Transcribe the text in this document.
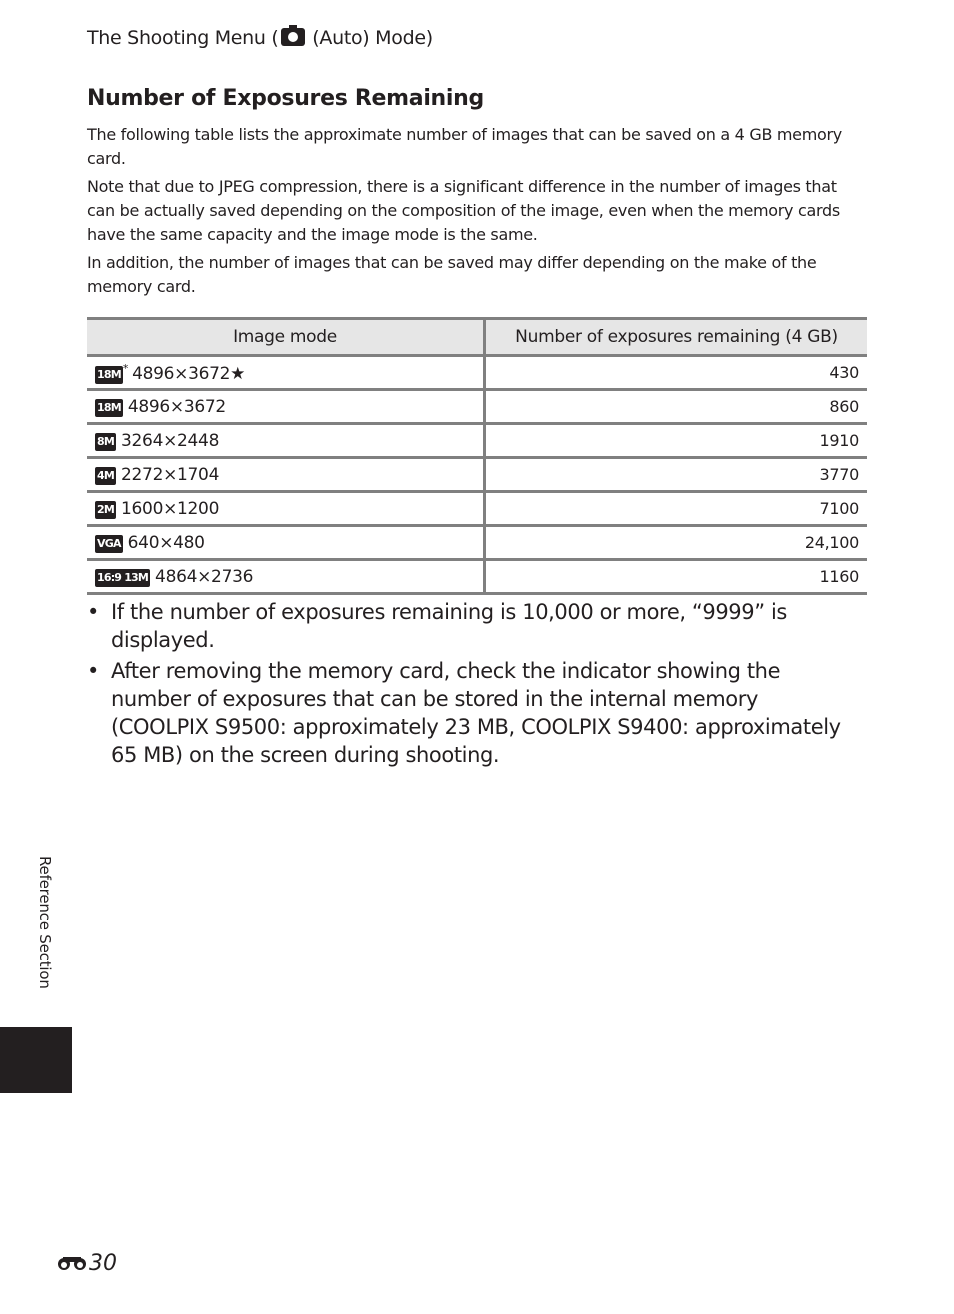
The Shooting Menu ( (Auto) Mode)
Number of Exposures Remaining

The following table lists the approximate number of images that can be saved on a 4 GB memory card.

Note that due to JPEG compression, there is a significant difference in the number of images that can be actually saved depending on the composition of the image, even when the memory cards have the same capacity and the image mode is the same.

In addition, the number of images that can be saved may differ depending on the make of the memory card.

Image mode	Number of exposures remaining (4 GB)
18M * 4896×3672★	430
18M 4896×3672	860
8M 3264×2448	1910
4M 2272×1704	3770
2M 1600×1200	7100
VGA 640×480	24,100
16:9 13M 4864×2736	1160
• If the number of exposures remaining is 10,000 or more, “9999” is displayed.
• After removing the memory card, check the indicator showing the number of exposures that can be stored in the internal memory (COOLPIX S9500: approximately 23 MB, COOLPIX S9400: approximately 65 MB) on the screen during shooting.
Reference Section
30
